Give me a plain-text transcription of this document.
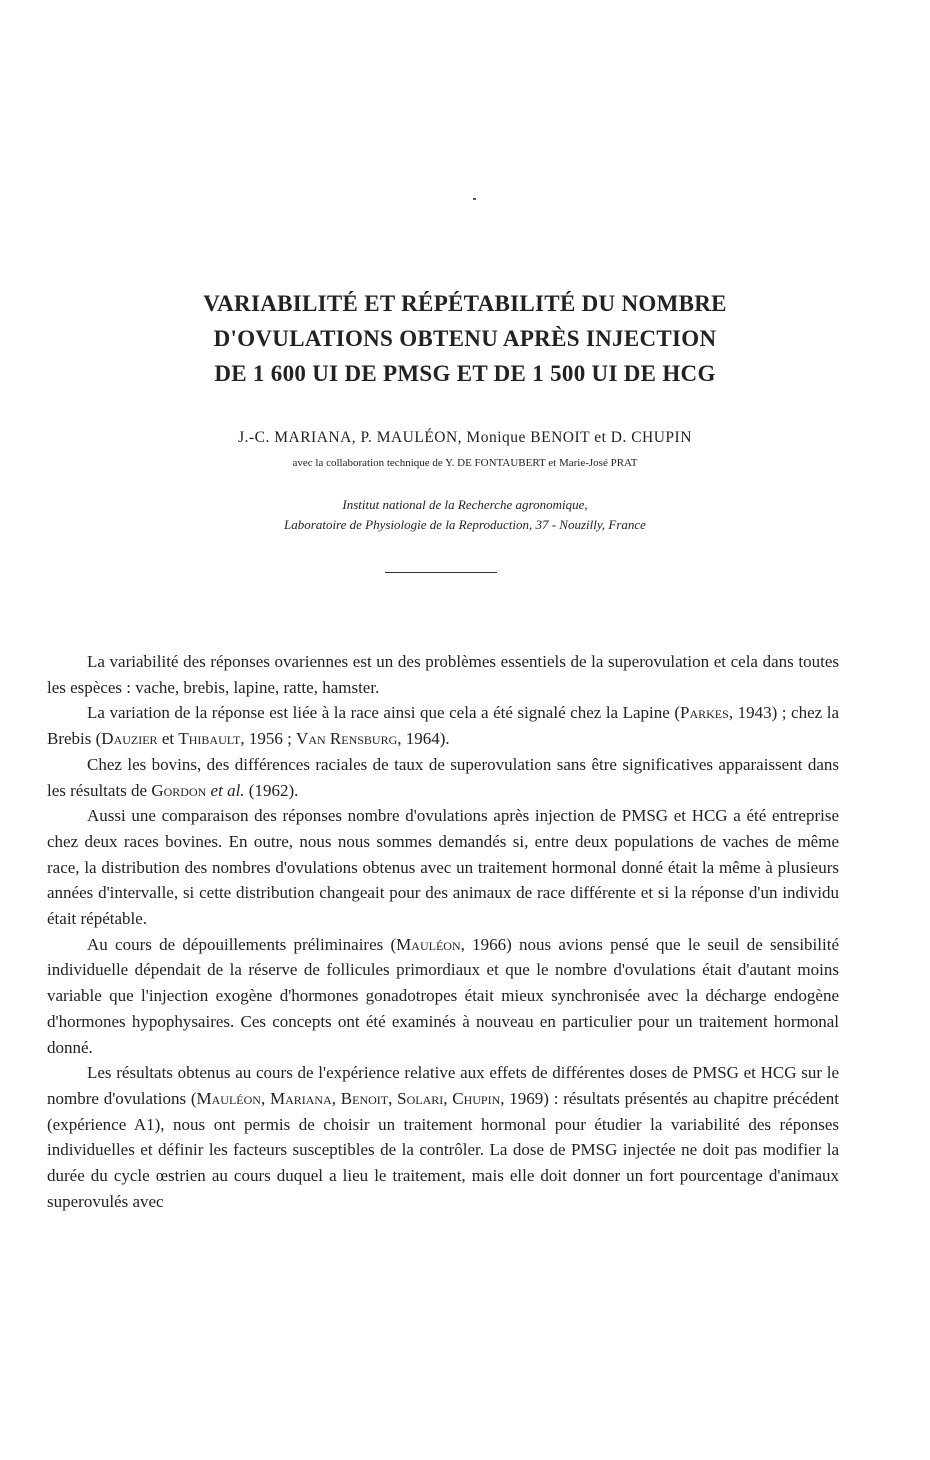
VARIABILITÉ ET RÉPÉTABILITÉ DU NOMBRE
D'OVULATIONS OBTENU APRÈS INJECTION
DE 1 600 UI DE PMSG ET DE 1 500 UI DE HCG
J.-C. MARIANA, P. MAULÉON, Monique BENOIT et D. CHUPIN
avec la collaboration technique de Y. DE FONTAUBERT et Marie-José PRAT
Institut national de la Recherche agronomique,
Laboratoire de Physiologie de la Reproduction, 37 - Nouzilly, France

La variabilité des réponses ovariennes est un des problèmes essentiels de la superovulation et cela dans toutes les espèces : vache, brebis, lapine, ratte, hamster.

La variation de la réponse est liée à la race ainsi que cela a été signalé chez la Lapine (Parkes, 1943) ; chez la Brebis (Dauzier et Thibault, 1956 ; Van Rensburg, 1964).

Chez les bovins, des différences raciales de taux de superovulation sans être significatives apparaissent dans les résultats de Gordon et al. (1962).

Aussi une comparaison des réponses nombre d'ovulations après injection de PMSG et HCG a été entreprise chez deux races bovines. En outre, nous nous sommes demandés si, entre deux populations de vaches de même race, la distribution des nombres d'ovulations obtenus avec un traitement hormonal donné était la même à plusieurs années d'intervalle, si cette distribution changeait pour des animaux de race différente et si la réponse d'un individu était répétable.

Au cours de dépouillements préliminaires (Mauléon, 1966) nous avions pensé que le seuil de sensibilité individuelle dépendait de la réserve de follicules primordiaux et que le nombre d'ovulations était d'autant moins variable que l'injection exogène d'hormones gonadotropes était mieux synchronisée avec la décharge endogène d'hormones hypophysaires. Ces concepts ont été examinés à nouveau en particulier pour un traitement hormonal donné.

Les résultats obtenus au cours de l'expérience relative aux effets de différentes doses de PMSG et HCG sur le nombre d'ovulations (Mauléon, Mariana, Benoit, Solari, Chupin, 1969) : résultats présentés au chapitre précédent (expérience A1), nous ont permis de choisir un traitement hormonal pour étudier la variabilité des réponses individuelles et définir les facteurs susceptibles de la contrôler. La dose de PMSG injectée ne doit pas modifier la durée du cycle œstrien au cours duquel a lieu le traitement, mais elle doit donner un fort pourcentage d'animaux superovulés avec
